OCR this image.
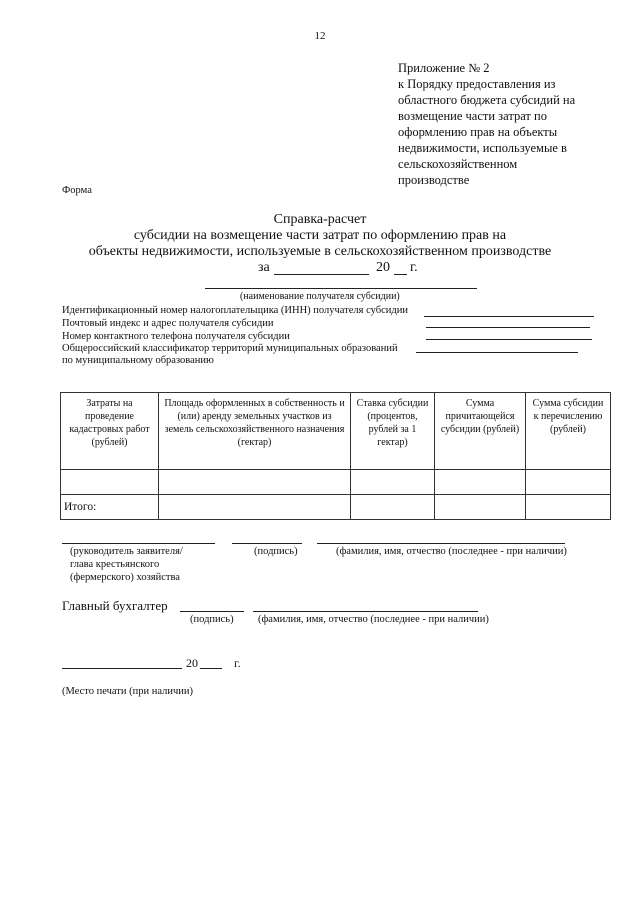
12
Приложение № 2
к Порядку предоставления из
областного бюджета субсидий на
возмещение части затрат по
оформлению прав на объекты
недвижимости, используемые в
сельскохозяйственном
производстве
Форма
Справка-расчет
субсидии на возмещение части затрат по оформлению прав на
объекты недвижимости, используемые в сельскохозяйственном производстве
за	20 г.
(наименование получателя субсидии)
Идентификационный номер налогоплательщика (ИНН) получателя субсидии
Почтовый индекс и адрес получателя субсидии
Номер контактного телефона получателя субсидии
Общероссийский классификатор территорий муниципальных образований
по муниципальному образованию
Затраты на проведение кадастровых работ (рублей)	Площадь оформленных в собственность и (или) аренду земельных участков из земель сельскохозяйственного назначения (гектар)	Ставка субсидии (процентов, рублей за 1 гектар)	Сумма причитающейся субсидии (рублей)	Сумма субсидии к перечислению (рублей)

Итого:				
(руководитель заявителя/
глава крестьянского
(фермерского) хозяйства
(подпись)	(фамилия, имя, отчество (последнее - при наличии)
Главный бухгалтер
(подпись) (фамилия, имя, отчество (последнее - при наличии)
20	г.
(Место печати (при наличии)
